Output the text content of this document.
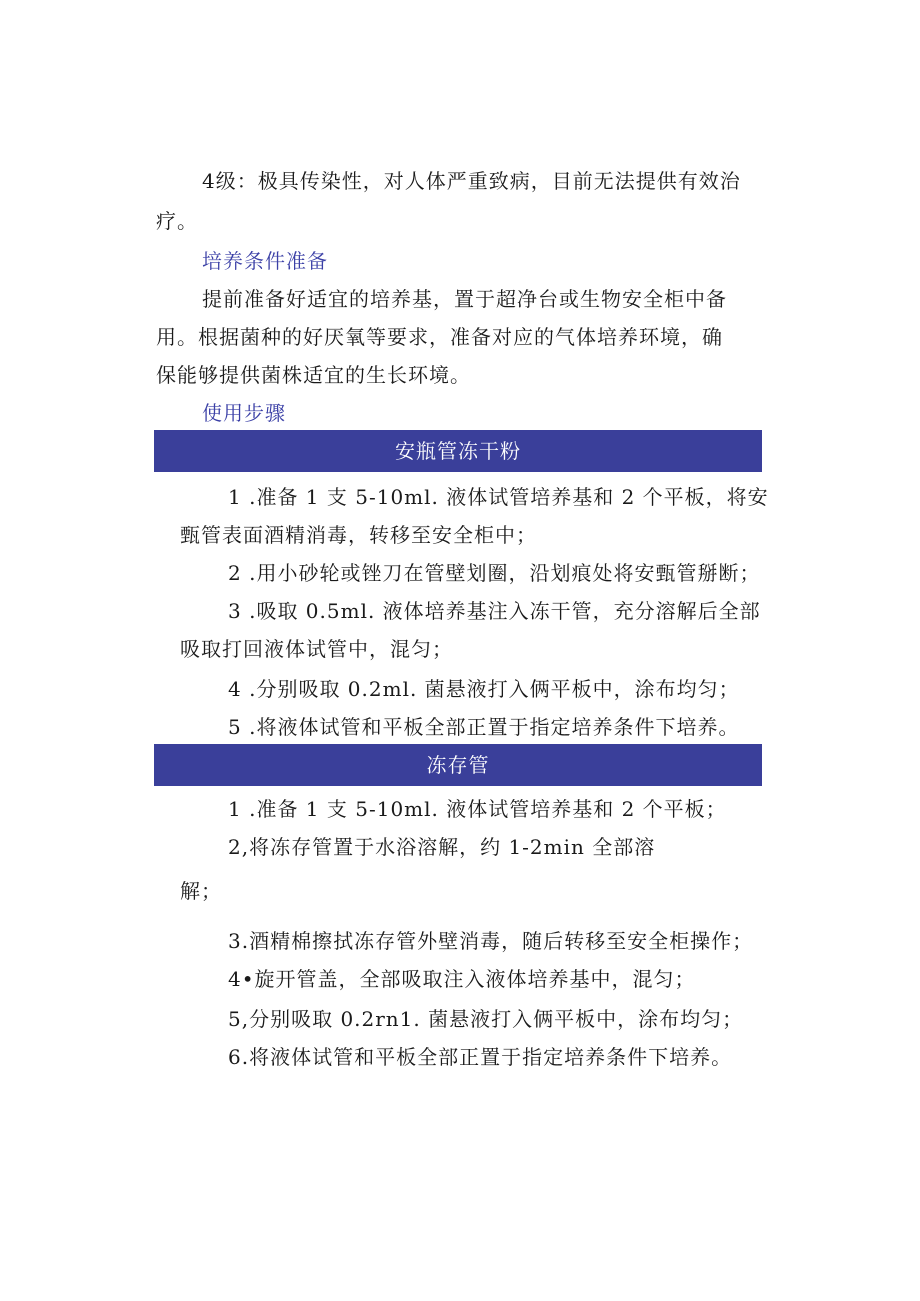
4级：极具传染性，对人体严重致病，目前无法提供有效治
疗。
培养条件准备
提前准备好适宜的培养基，置于超净台或生物安全柜中备
用。根据菌种的好厌氧等要求，准备对应的气体培养环境，确
保能够提供菌株适宜的生长环境。
使用步骤
安瓶管冻干粉
1 .准备 1 支 5-10ml. 液体试管培养基和 2 个平板，将安
甄管表面酒精消毒，转移至安全柜中；
2 .用小砂轮或锉刀在管壁划圈，沿划痕处将安甄管掰断；
3 .吸取 0.5ml. 液体培养基注入冻干管，充分溶解后全部
吸取打回液体试管中，混匀；
4 .分别吸取 0.2ml. 菌悬液打入俩平板中，涂布均匀；
5 .将液体试管和平板全部正置于指定培养条件下培养。
冻存管
1 .准备 1 支 5-10ml. 液体试管培养基和 2 个平板；
2,将冻存管置于水浴溶解，约 1-2min 全部溶
解；
3.酒精棉擦拭冻存管外壁消毒，随后转移至安全柜操作；
4•旋开管盖，全部吸取注入液体培养基中，混匀；
5,分别吸取 0.2rn1. 菌悬液打入俩平板中，涂布均匀；
6.将液体试管和平板全部正置于指定培养条件下培养。
